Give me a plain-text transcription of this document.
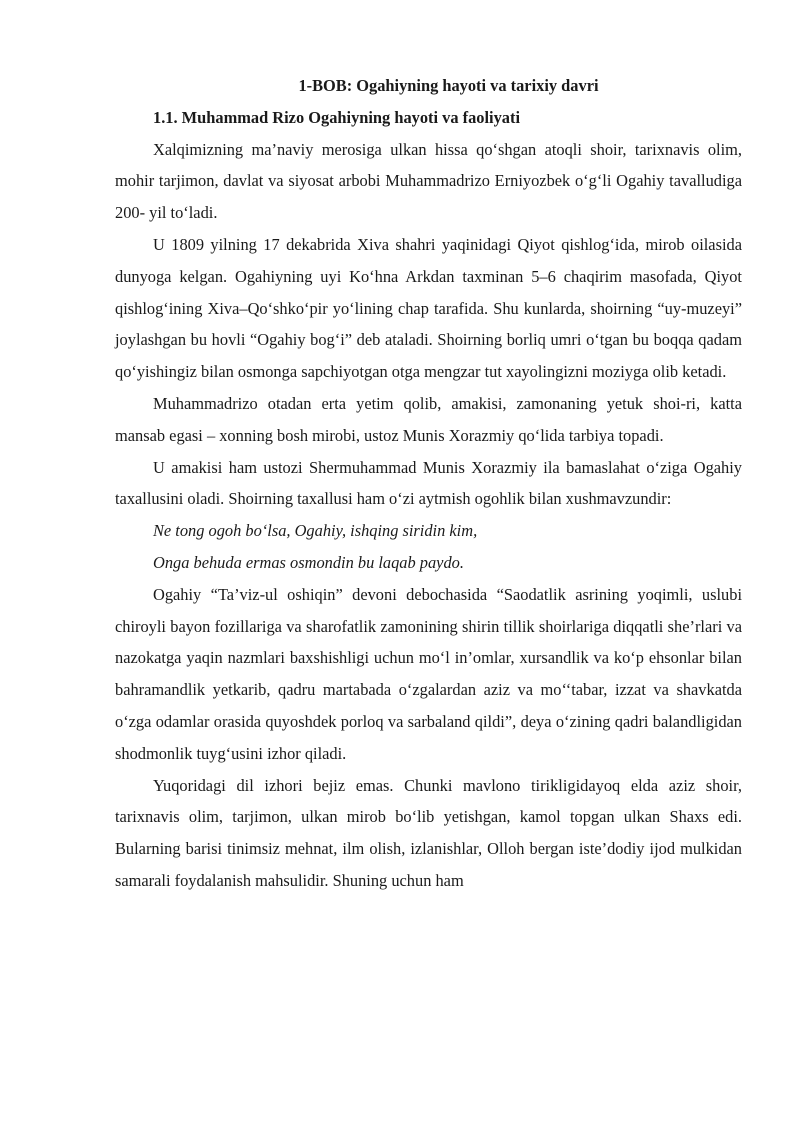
1-BOB: Ogahiyning hayoti va tarixiy davri
1.1. Muhammad Rizo Ogahiyning hayoti va faoliyati

Xalqimizning ma’naviy merosiga ulkan hissa qo‘shgan atoqli shoir, tarixnavis olim, mohir tarjimon, davlat va siyosat arbobi Muhammadrizo Erniyozbek o‘g‘li Ogahiy tavalludiga 200- yil to‘ladi.

U 1809 yilning 17 dekabrida Xiva shahri yaqinidagi Qiyot qishlog‘ida, mirob oilasida dunyoga kelgan. Ogahiyning uyi Ko‘hna Arkdan taxminan 5–6 chaqirim masofada, Qiyot qishlog‘ining Xiva–Qo‘shko‘pir yo‘lining chap tarafida. Shu kunlarda, shoirning “uy-muzeyi” joylashgan bu hovli “Ogahiy bog‘i” deb ataladi. Shoirning borliq umri o‘tgan bu boqqa qadam qo‘yishingiz bilan osmonga sapchiyotgan otga mengzar tut xayolingizni moziyga olib ketadi.

Muhammadrizo otadan erta yetim qolib, amakisi, zamonaning yetuk shoi-ri, katta mansab egasi – xonning bosh mirobi, ustoz Munis Xorazmiy qo‘lida tarbiya topadi.

U amakisi ham ustozi Shermuhammad Munis Xorazmiy ila bamaslahat o‘ziga Ogahiy taxallusini oladi. Shoirning taxallusi ham o‘zi aytmish ogohlik bilan xushmavzundir:

Ne tong ogoh bo‘lsa, Ogahiy, ishqing siridin kim,

Onga behuda ermas osmondin bu laqab paydo.

Ogahiy “Ta’viz-ul oshiqin” devoni debochasida “Saodatlik asrining yoqimli, uslubi chiroyli bayon fozillariga va sharofatlik zamonining shirin tillik shoirlariga diqqatli she’rlari va nazokatga yaqin nazmlari baxshishligi uchun mo‘l in’omlar, xursandlik va ko‘p ehsonlar bilan bahramandlik yetkarib, qadru martabada o‘zgalardan aziz va mo‘‘tabar, izzat va shavkatda o‘zga odamlar orasida quyoshdek porloq va sarbaland qildi”, deya o‘zining qadri balandligidan shodmonlik tuyg‘usini izhor qiladi.

Yuqoridagi dil izhori bejiz emas. Chunki mavlono tirikligidayoq elda aziz shoir, tarixnavis olim, tarjimon, ulkan mirob bo‘lib yetishgan, kamol topgan ulkan Shaxs edi. Bularning barisi tinimsiz mehnat, ilm olish, izlanishlar, Olloh bergan iste’dodiy ijod mulkidan samarali foydalanish mahsulidir. Shuning uchun ham
